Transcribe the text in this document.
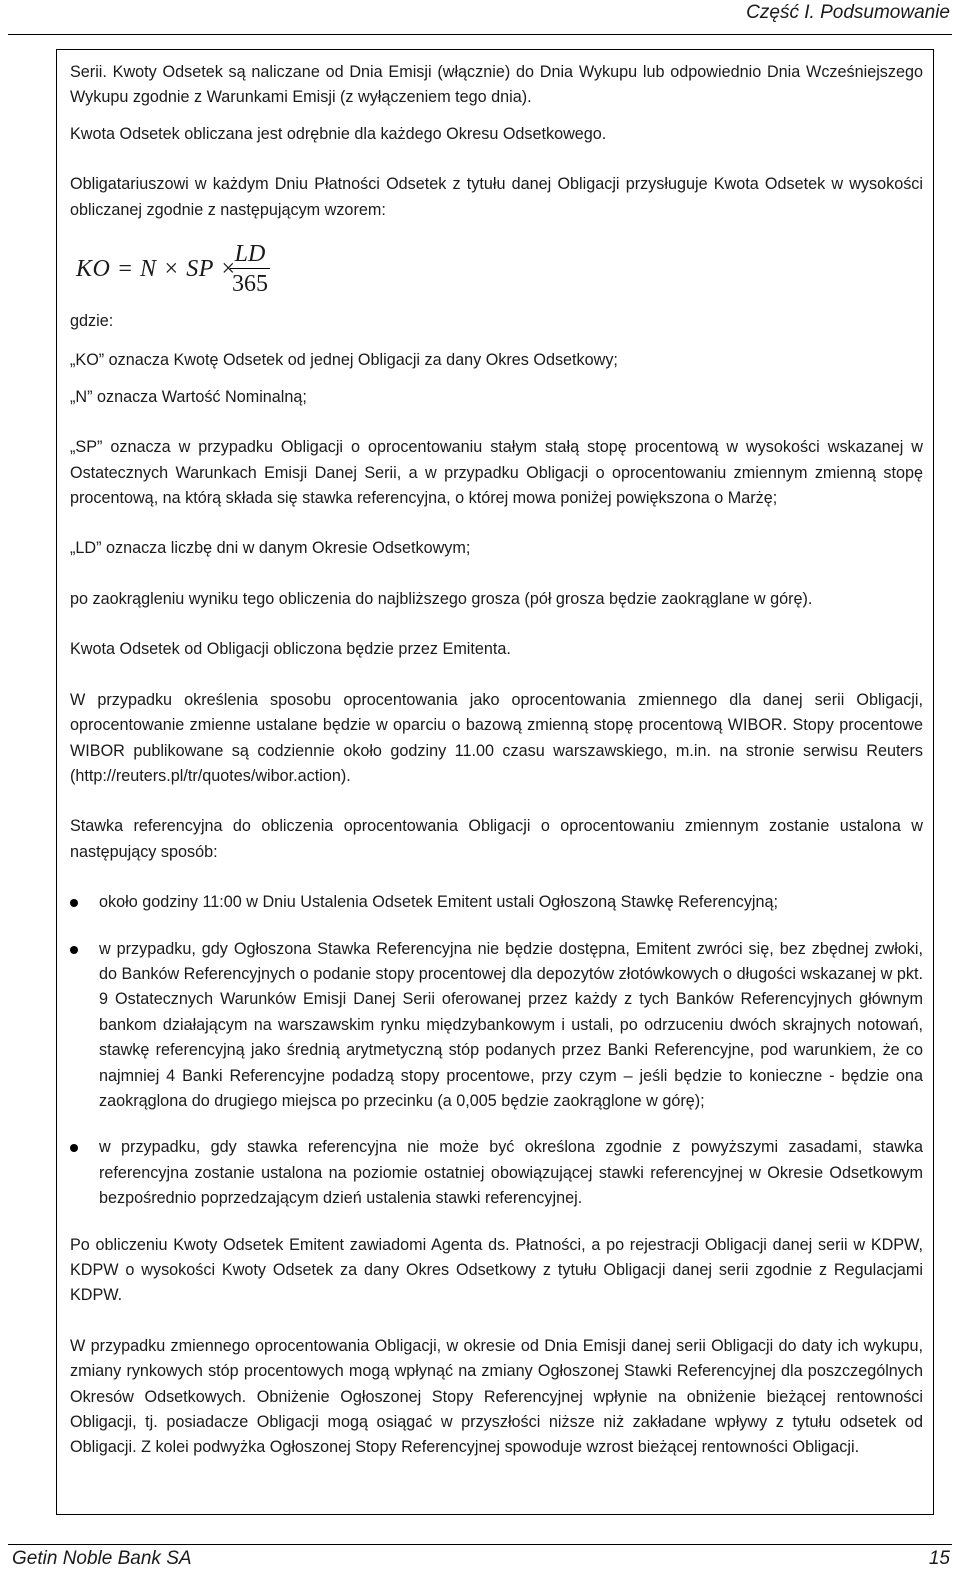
Część I. Podsumowanie

Serii. Kwoty Odsetek są naliczane od Dnia Emisji (włącznie) do Dnia Wykupu lub odpowiednio Dnia Wcześniejszego Wykupu zgodnie z Warunkami Emisji (z wyłączeniem tego dnia).

Kwota Odsetek obliczana jest odrębnie dla każdego Okresu Odsetkowego.

Obligatariuszowi w każdym Dniu Płatności Odsetek z tytułu danej Obligacji przysługuje Kwota Odsetek w wysokości obliczanej zgodnie z następującym wzorem:

KO = N × SP ×
LD
365

gdzie:

„KO” oznacza Kwotę Odsetek od jednej Obligacji za dany Okres Odsetkowy;

„N” oznacza Wartość Nominalną;

„SP” oznacza w przypadku Obligacji o oprocentowaniu stałym stałą stopę procentową w wysokości wskazanej w Ostatecznych Warunkach Emisji Danej Serii, a w przypadku Obligacji o oprocentowaniu zmiennym zmienną stopę procentową, na którą składa się stawka referencyjna, o której mowa poniżej powiększona o Marżę;

„LD” oznacza liczbę dni w danym Okresie Odsetkowym;

po zaokrągleniu wyniku tego obliczenia do najbliższego grosza (pół grosza będzie zaokrąglane w górę).

Kwota Odsetek od Obligacji obliczona będzie przez Emitenta.

W przypadku określenia sposobu oprocentowania jako oprocentowania zmiennego dla danej serii Obligacji, oprocentowanie zmienne ustalane będzie w oparciu o bazową zmienną stopę procentową WIBOR. Stopy procentowe WIBOR publikowane są codziennie około godziny 11.00 czasu warszawskiego, m.in. na stronie serwisu Reuters (http://reuters.pl/tr/quotes/wibor.action).

Stawka referencyjna do obliczenia oprocentowania Obligacji o oprocentowaniu zmiennym zostanie ustalona w następujący sposób:

około godziny 11:00 w Dniu Ustalenia Odsetek Emitent ustali Ogłoszoną Stawkę Referencyjną;
w przypadku, gdy Ogłoszona Stawka Referencyjna nie będzie dostępna, Emitent zwróci się, bez zbędnej zwłoki, do Banków Referencyjnych o podanie stopy procentowej dla depozytów złotówkowych o długości wskazanej w pkt. 9 Ostatecznych Warunków Emisji Danej Serii oferowanej przez każdy z tych Banków Referencyjnych głównym bankom działającym na warszawskim rynku międzybankowym i ustali, po odrzuceniu dwóch skrajnych notowań, stawkę referencyjną jako średnią arytmetyczną stóp podanych przez Banki Referencyjne, pod warunkiem, że co najmniej 4 Banki Referencyjne podadzą stopy procentowe, przy czym – jeśli będzie to konieczne - będzie ona zaokrąglona do drugiego miejsca po przecinku (a 0,005 będzie zaokrąglone w górę);
w przypadku, gdy stawka referencyjna nie może być określona zgodnie z powyższymi zasadami, stawka referencyjna zostanie ustalona na poziomie ostatniej obowiązującej stawki referencyjnej w Okresie Odsetkowym bezpośrednio poprzedzającym dzień ustalenia stawki referencyjnej.

Po obliczeniu Kwoty Odsetek Emitent zawiadomi Agenta ds. Płatności, a po rejestracji Obligacji danej serii w KDPW, KDPW o wysokości Kwoty Odsetek za dany Okres Odsetkowy z tytułu Obligacji danej serii zgodnie z Regulacjami KDPW.

W przypadku zmiennego oprocentowania Obligacji, w okresie od Dnia Emisji danej serii Obligacji do daty ich wykupu, zmiany rynkowych stóp procentowych mogą wpłynąć na zmiany Ogłoszonej Stawki Referencyjnej dla poszczególnych Okresów Odsetkowych. Obniżenie Ogłoszonej Stopy Referencyjnej wpłynie na obniżenie bieżącej rentowności Obligacji, tj. posiadacze Obligacji mogą osiągać w przyszłości niższe niż zakładane wpływy z tytułu odsetek od Obligacji. Z kolei podwyżka Ogłoszonej Stopy Referencyjnej spowoduje wzrost bieżącej rentowności Obligacji.

Getin Noble Bank SA	15
